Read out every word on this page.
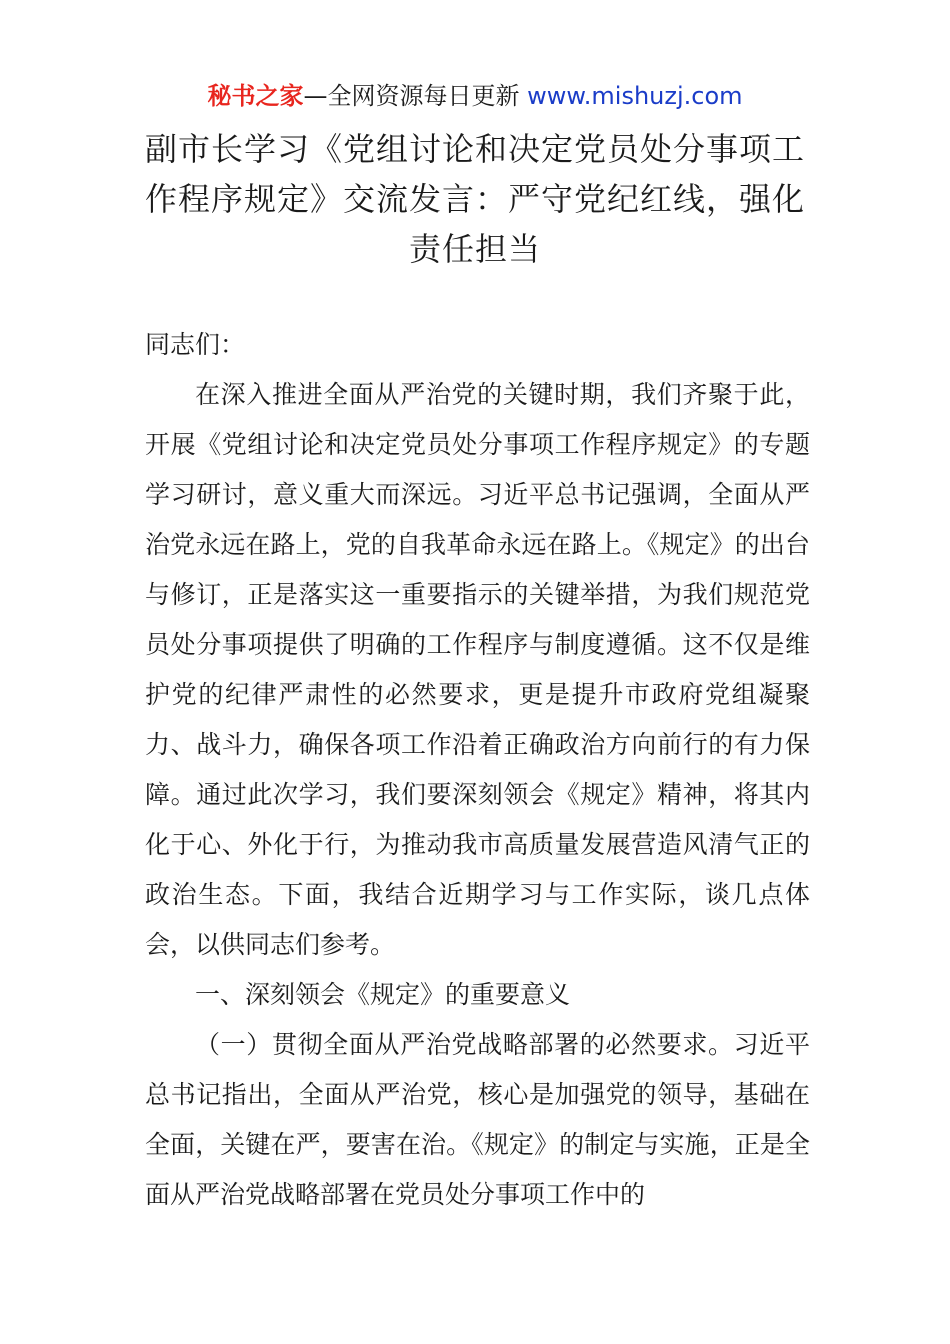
秘书之家—全网资源每日更新 www.mishuzj.com
副市长学习《党组讨论和决定党员处分事项工作程序规定》交流发言：严守党纪红线，强化责任担当

同志们：

在深入推进全面从严治党的关键时期，我们齐聚于此，开展《党组讨论和决定党员处分事项工作程序规定》的专题学习研讨，意义重大而深远。习近平总书记强调，全面从严治党永远在路上，党的自我革命永远在路上。《规定》的出台与修订，正是落实这一重要指示的关键举措，为我们规范党员处分事项提供了明确的工作程序与制度遵循。这不仅是维护党的纪律严肃性的必然要求，更是提升市政府党组凝聚力、战斗力，确保各项工作沿着正确政治方向前行的有力保障。通过此次学习，我们要深刻领会《规定》精神，将其内化于心、外化于行，为推动我市高质量发展营造风清气正的政治生态。下面，我结合近期学习与工作实际，谈几点体会，以供同志们参考。

一、深刻领会《规定》的重要意义

（一）贯彻全面从严治党战略部署的必然要求。习近平总书记指出，全面从严治党，核心是加强党的领导，基础在全面，关键在严，要害在治。《规定》的制定与实施，正是全面从严治党战略部署在党员处分事项工作中的
